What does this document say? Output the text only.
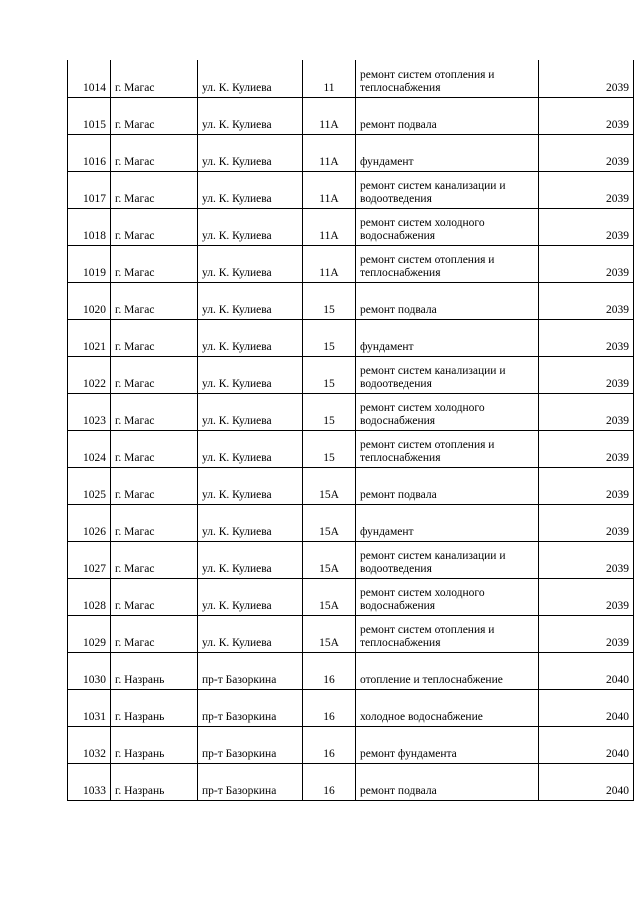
1014	г. Магас	ул. К. Кулиева	11	ремонт систем отопления и
теплоснабжения	2039
1015	г. Магас	ул. К. Кулиева	11А	ремонт подвала	2039
1016	г. Магас	ул. К. Кулиева	11А	фундамент	2039
1017	г. Магас	ул. К. Кулиева	11А	ремонт систем канализации и
водоотведения	2039
1018	г. Магас	ул. К. Кулиева	11А	ремонт систем холодного
водоснабжения	2039
1019	г. Магас	ул. К. Кулиева	11А	ремонт систем отопления и
теплоснабжения	2039
1020	г. Магас	ул. К. Кулиева	15	ремонт подвала	2039
1021	г. Магас	ул. К. Кулиева	15	фундамент	2039
1022	г. Магас	ул. К. Кулиева	15	ремонт систем канализации и
водоотведения	2039
1023	г. Магас	ул. К. Кулиева	15	ремонт систем холодного
водоснабжения	2039
1024	г. Магас	ул. К. Кулиева	15	ремонт систем отопления и
теплоснабжения	2039
1025	г. Магас	ул. К. Кулиева	15А	ремонт подвала	2039
1026	г. Магас	ул. К. Кулиева	15А	фундамент	2039
1027	г. Магас	ул. К. Кулиева	15А	ремонт систем канализации и
водоотведения	2039
1028	г. Магас	ул. К. Кулиева	15А	ремонт систем холодного
водоснабжения	2039
1029	г. Магас	ул. К. Кулиева	15А	ремонт систем отопления и
теплоснабжения	2039
1030	г. Назрань	пр-т Базоркина	16	отопление и теплоснабжение	2040
1031	г. Назрань	пр-т Базоркина	16	холодное водоснабжение	2040
1032	г. Назрань	пр-т Базоркина	16	ремонт фундамента	2040
1033	г. Назрань	пр-т Базоркина	16	ремонт подвала	2040
